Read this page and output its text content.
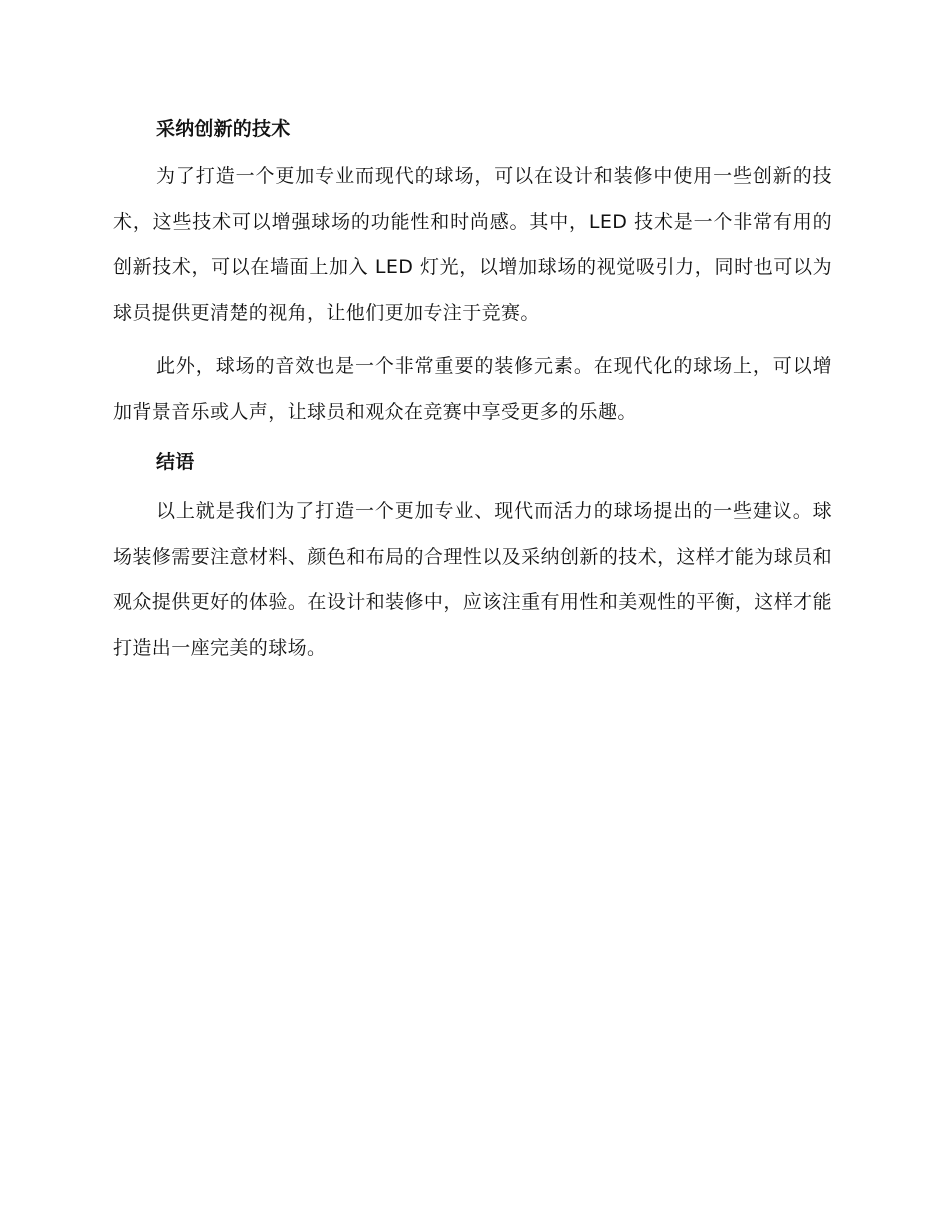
采纳创新的技术

为了打造一个更加专业而现代的球场，可以在设计和装修中使用一些创新的技术，这些技术可以增强球场的功能性和时尚感。其中，LED 技术是一个非常有用的创新技术，可以在墙面上加入 LED 灯光，以增加球场的视觉吸引力，同时也可以为球员提供更清楚的视角，让他们更加专注于竞赛。

此外，球场的音效也是一个非常重要的装修元素。在现代化的球场上，可以增加背景音乐或人声，让球员和观众在竞赛中享受更多的乐趣。

结语

以上就是我们为了打造一个更加专业、现代而活力的球场提出的一些建议。球场装修需要注意材料、颜色和布局的合理性以及采纳创新的技术，这样才能为球员和观众提供更好的体验。在设计和装修中，应该注重有用性和美观性的平衡，这样才能打造出一座完美的球场。
